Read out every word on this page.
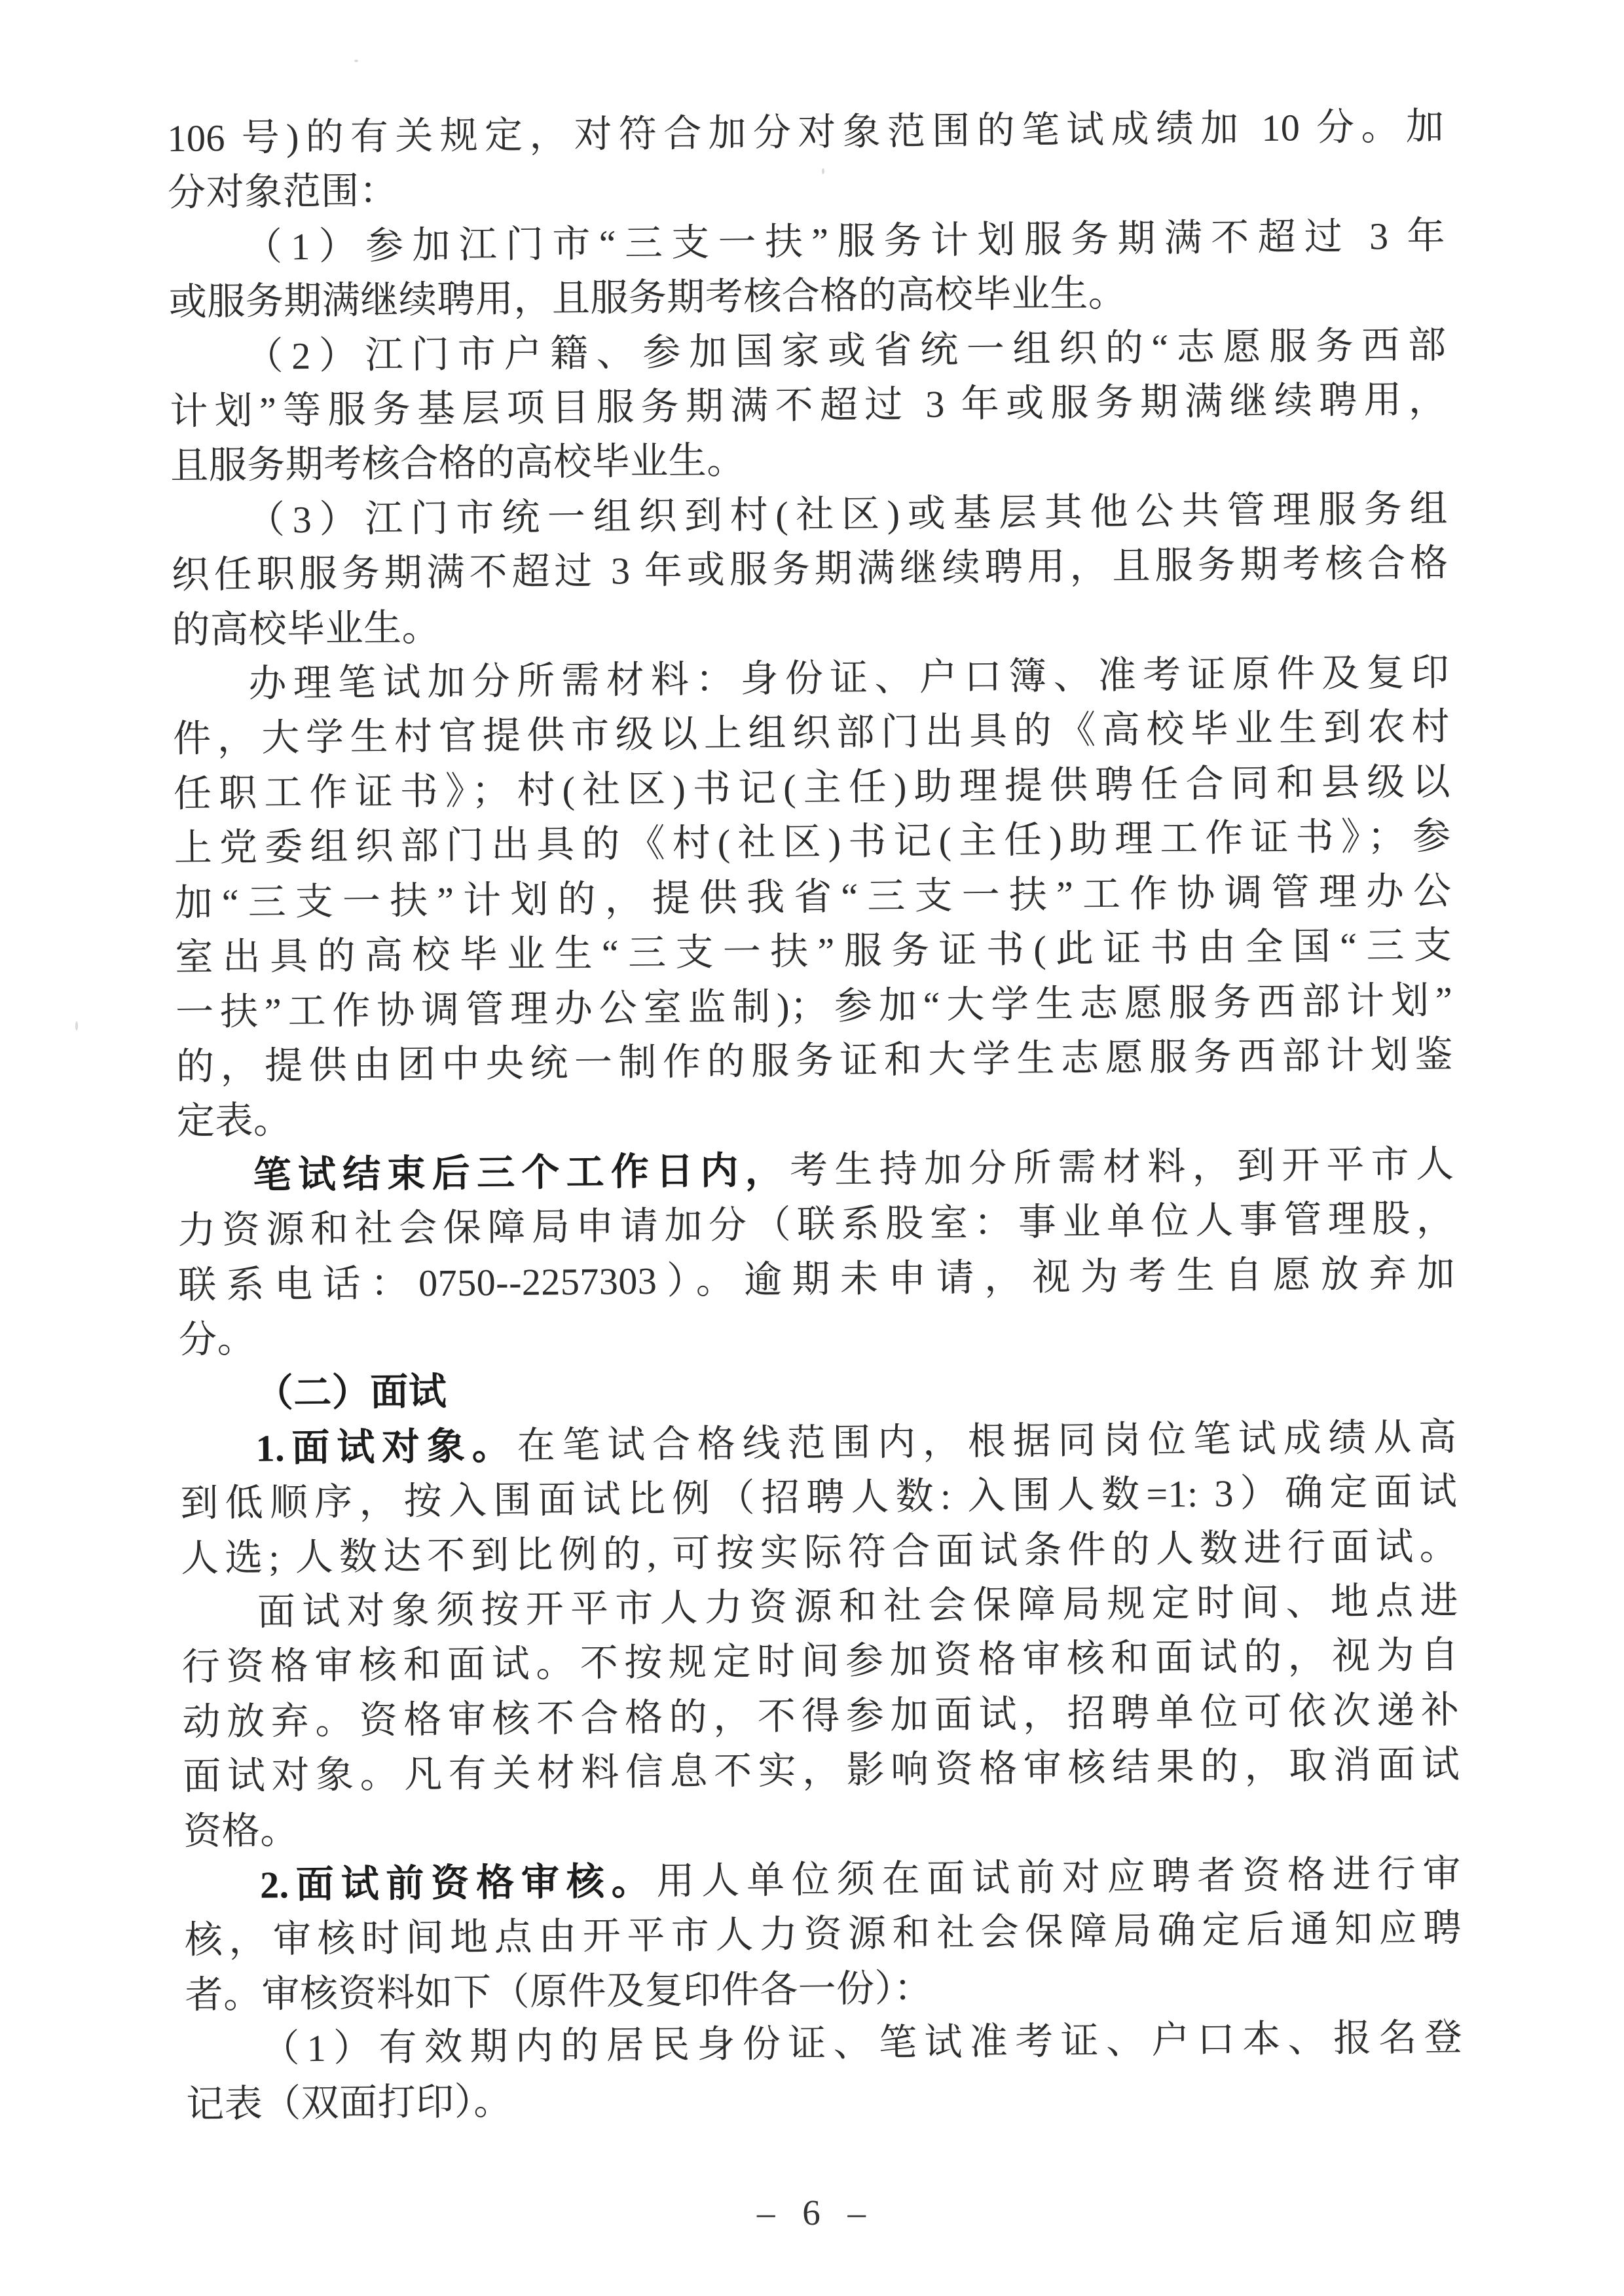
106 号)的有关规定，对符合加分对象范围的笔试成绩加 10 分。加
分对象范围：
（1）参加江门市“三支一扶”服务计划服务期满不超过 3 年
或服务期满继续聘用，且服务期考核合格的高校毕业生。
（2）江门市户籍、参加国家或省统一组织的“志愿服务西部
计划”等服务基层项目服务期满不超过 3 年或服务期满继续聘用，
且服务期考核合格的高校毕业生。
（3）江门市统一组织到村(社区)或基层其他公共管理服务组
织任职服务期满不超过 3 年或服务期满继续聘用，且服务期考核合格
的高校毕业生。
办理笔试加分所需材料：身份证、户口簿、准考证原件及复印
件，大学生村官提供市级以上组织部门出具的《高校毕业生到农村
任职工作证书》；村(社区)书记(主任)助理提供聘任合同和县级以
上党委组织部门出具的《村(社区)书记(主任)助理工作证书》；参
加“三支一扶”计划的，提供我省“三支一扶”工作协调管理办公
室出具的高校毕业生“三支一扶”服务证书(此证书由全国“三支
一扶”工作协调管理办公室监制)；参加“大学生志愿服务西部计划”
的，提供由团中央统一制作的服务证和大学生志愿服务西部计划鉴
定表。
笔试结束后三个工作日内，考生持加分所需材料，到开平市人
力资源和社会保障局申请加分（联系股室：事业单位人事管理股，
联系电话：0750--2257303）。逾期未申请，视为考生自愿放弃加
分。
（二）面试
1.面试对象。在笔试合格线范围内，根据同岗位笔试成绩从高
到低顺序，按入围面试比例（招聘人数: 入围人数=1: 3）确定面试
人选; 人数达不到比例的, 可按实际符合面试条件的人数进行面试。
面试对象须按开平市人力资源和社会保障局规定时间、地点进
行资格审核和面试。不按规定时间参加资格审核和面试的，视为自
动放弃。资格审核不合格的，不得参加面试，招聘单位可依次递补
面试对象。凡有关材料信息不实，影响资格审核结果的，取消面试
资格。
2.面试前资格审核。用人单位须在面试前对应聘者资格进行审
核，审核时间地点由开平市人力资源和社会保障局确定后通知应聘
者。审核资料如下（原件及复印件各一份）：
（1）有效期内的居民身份证、笔试准考证、户口本、报名登
记表（双面打印）。
– 6 –
